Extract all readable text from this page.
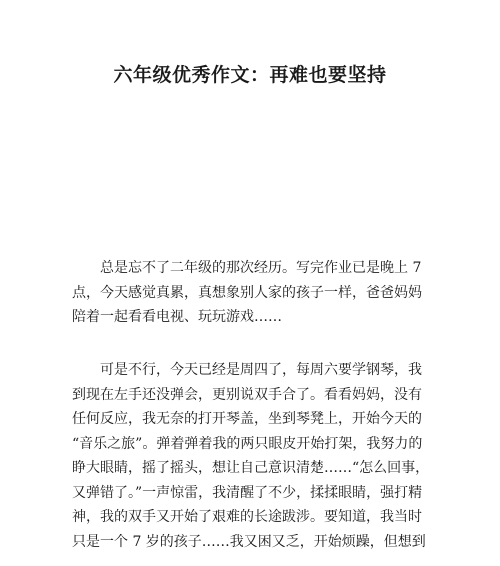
六年级优秀作文：再难也要坚持

　　总是忘不了二年级的那次经历。写完作业已是晚上 7
点，今天感觉真累，真想象别人家的孩子一样，爸爸妈妈
陪着一起看看电视、玩玩游戏……

　　可是不行，今天已经是周四了，每周六要学钢琴，我
到现在左手还没弹会，更别说双手合了。看看妈妈，没有
任何反应，我无奈的打开琴盖，坐到琴凳上，开始今天的
“音乐之旅”。弹着弹着我的两只眼皮开始打架，我努力的
睁大眼睛，摇了摇头，想让自己意识清楚……“怎么回事，
又弹错了。”一声惊雷，我清醒了不少，揉揉眼睛，强打精
神，我的双手又开始了艰难的长途跋涉。要知道，我当时
只是一个 7 岁的孩子……我又困又乏，开始烦躁，但想到
